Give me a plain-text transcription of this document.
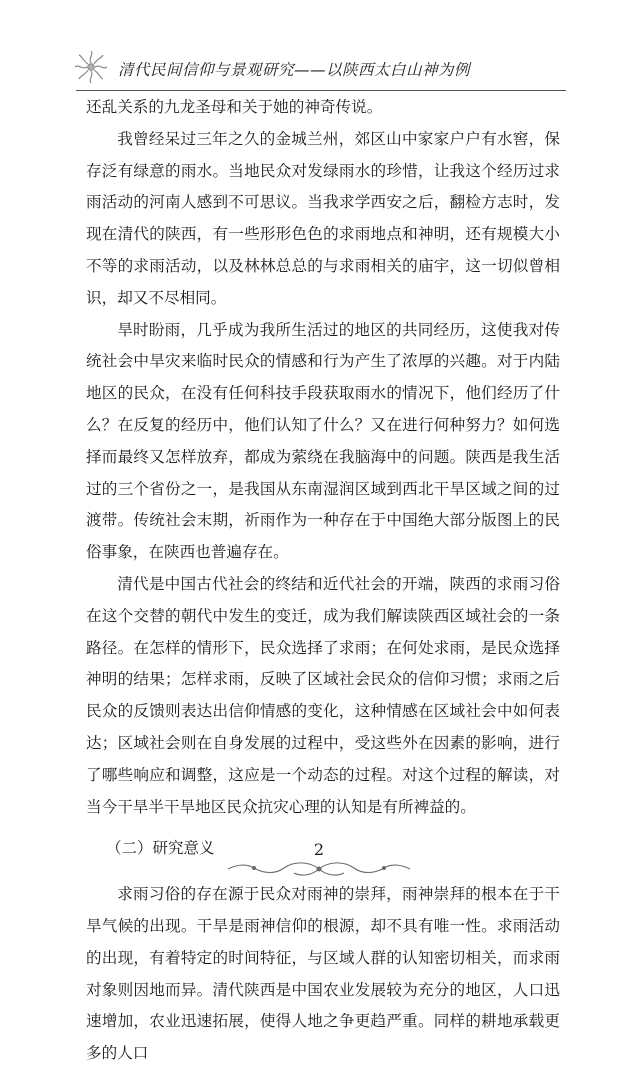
清代民间信仰与景观研究——以陕西太白山神为例

还乱关系的九龙圣母和关于她的神奇传说。

我曾经呆过三年之久的金城兰州，郊区山中家家户户有水窖，保存泛有绿意的雨水。当地民众对发绿雨水的珍惜，让我这个经历过求雨活动的河南人感到不可思议。当我求学西安之后，翻检方志时，发现在清代的陕西，有一些形形色色的求雨地点和神明，还有规模大小不等的求雨活动，以及林林总总的与求雨相关的庙宇，这一切似曾相识，却又不尽相同。

旱时盼雨，几乎成为我所生活过的地区的共同经历，这使我对传统社会中旱灾来临时民众的情感和行为产生了浓厚的兴趣。对于内陆地区的民众，在没有任何科技手段获取雨水的情况下，他们经历了什么？在反复的经历中，他们认知了什么？又在进行何种努力？如何选择而最终又怎样放弃，都成为萦绕在我脑海中的问题。陕西是我生活过的三个省份之一，是我国从东南湿润区域到西北干旱区域之间的过渡带。传统社会末期，祈雨作为一种存在于中国绝大部分版图上的民俗事象，在陕西也普遍存在。

清代是中国古代社会的终结和近代社会的开端，陕西的求雨习俗在这个交替的朝代中发生的变迁，成为我们解读陕西区域社会的一条路径。在怎样的情形下，民众选择了求雨；在何处求雨，是民众选择神明的结果；怎样求雨，反映了区域社会民众的信仰习惯；求雨之后民众的反馈则表达出信仰情感的变化，这种情感在区域社会中如何表达；区域社会则在自身发展的过程中，受这些外在因素的影响，进行了哪些响应和调整，这应是一个动态的过程。对这个过程的解读，对当今干旱半干旱地区民众抗灾心理的认知是有所裨益的。

（二）研究意义

求雨习俗的存在源于民众对雨神的崇拜，雨神崇拜的根本在于干旱气候的出现。干旱是雨神信仰的根源，却不具有唯一性。求雨活动的出现，有着特定的时间特征，与区域人群的认知密切相关，而求雨对象则因地而异。清代陕西是中国农业发展较为充分的地区，人口迅速增加，农业迅速拓展，使得人地之争更趋严重。同样的耕地承载更多的人口

2
